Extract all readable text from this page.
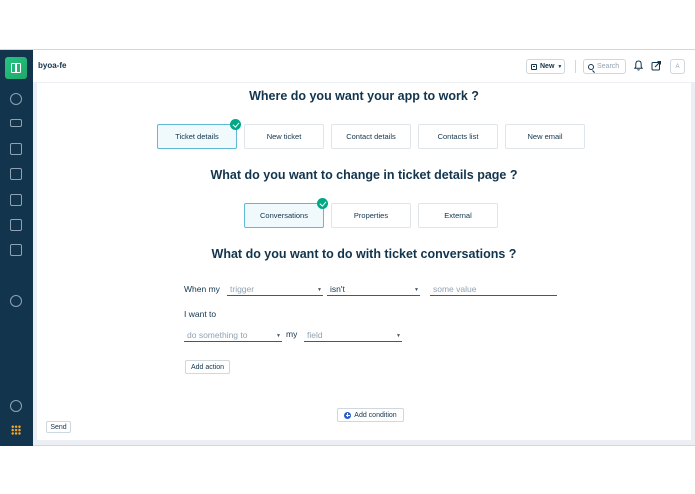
byoa-fe	New ▼	Search	A
Where do you want your app to work ?
Ticket details	New ticket	Contact details	Contacts list	New email
What do you want to change in ticket details page ?
Conversations	Properties	External
What do you want to do with ticket conversations ?
When my	trigger	▼ isn't	▼	some value
I want to
do something to	▼ my	field	▼
Add action
Add condition
Send
